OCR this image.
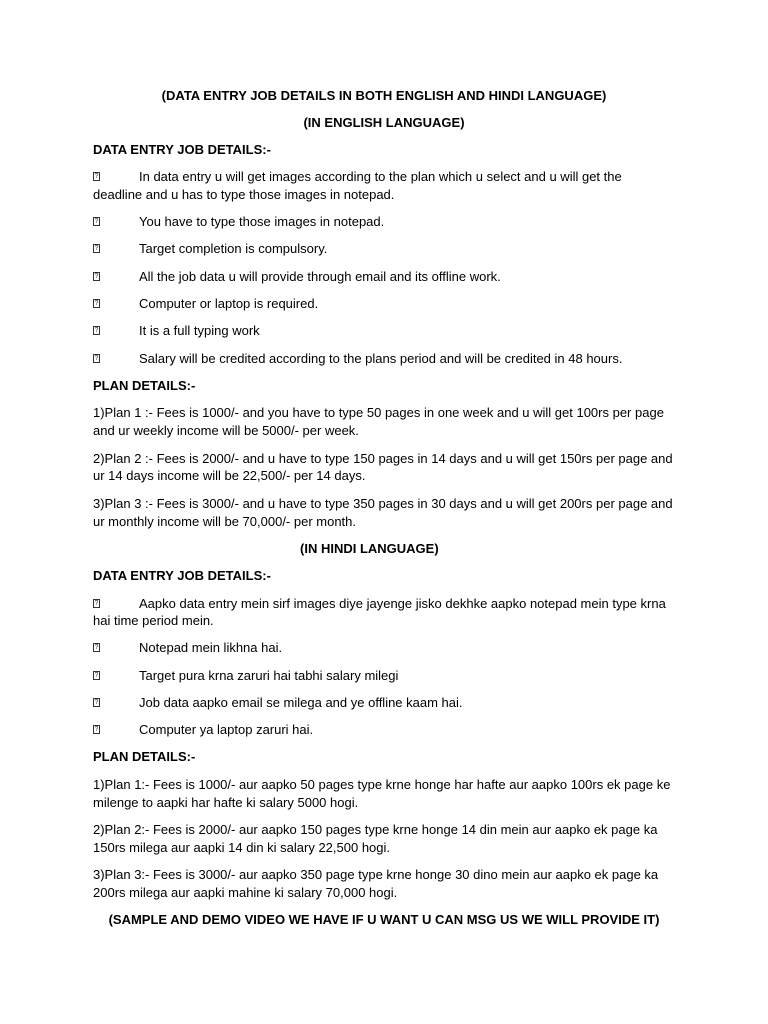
(DATA ENTRY JOB DETAILS IN BOTH ENGLISH AND HINDI LANGUAGE)
(IN ENGLISH LANGUAGE)
DATA ENTRY JOB DETAILS:-
?	In data entry u will get images according to the plan which u select and u will get the
deadline and u has to type those images in notepad.
?	You have to type those images in notepad.
?	Target completion is compulsory.
?	All the job data u will provide through email and its offline work.
?	Computer or laptop is required.
?	It is a full typing work
?	Salary will be credited according to the plans period and will be credited in 48 hours.
PLAN DETAILS:-
1)Plan 1 :- Fees is 1000/- and you have to type 50 pages in one week and u will get 100rs per page
and ur weekly income will be 5000/- per week.
2)Plan 2 :- Fees is 2000/- and u have to type 150 pages in 14 days and u will get 150rs per page and
ur 14 days income will be 22,500/- per 14 days.
3)Plan 3 :- Fees is 3000/- and u have to type 350 pages in 30 days and u will get 200rs per page and
ur monthly income will be 70,000/- per month.
(IN HINDI LANGUAGE)
DATA ENTRY JOB DETAILS:-
?	Aapko data entry mein sirf images diye jayenge jisko dekhke aapko notepad mein type krna
hai time period mein.
?	Notepad mein likhna hai.
?	Target pura krna zaruri hai tabhi salary milegi
?	Job data aapko email se milega and ye offline kaam hai.
?	Computer ya laptop zaruri hai.
PLAN DETAILS:-
1)Plan 1:- Fees is 1000/- aur aapko 50 pages type krne honge har hafte aur aapko 100rs ek page ke
milenge to aapki har hafte ki salary 5000 hogi.
2)Plan 2:- Fees is 2000/- aur aapko 150 pages type krne honge 14 din mein aur aapko ek page ka
150rs milega aur aapki 14 din ki salary 22,500 hogi.
3)Plan 3:- Fees is 3000/- aur aapko 350 page type krne honge 30 dino mein aur aapko ek page ka
200rs milega aur aapki mahine ki salary 70,000 hogi.
(SAMPLE AND DEMO VIDEO WE HAVE IF U WANT U CAN MSG US WE WILL PROVIDE IT)
